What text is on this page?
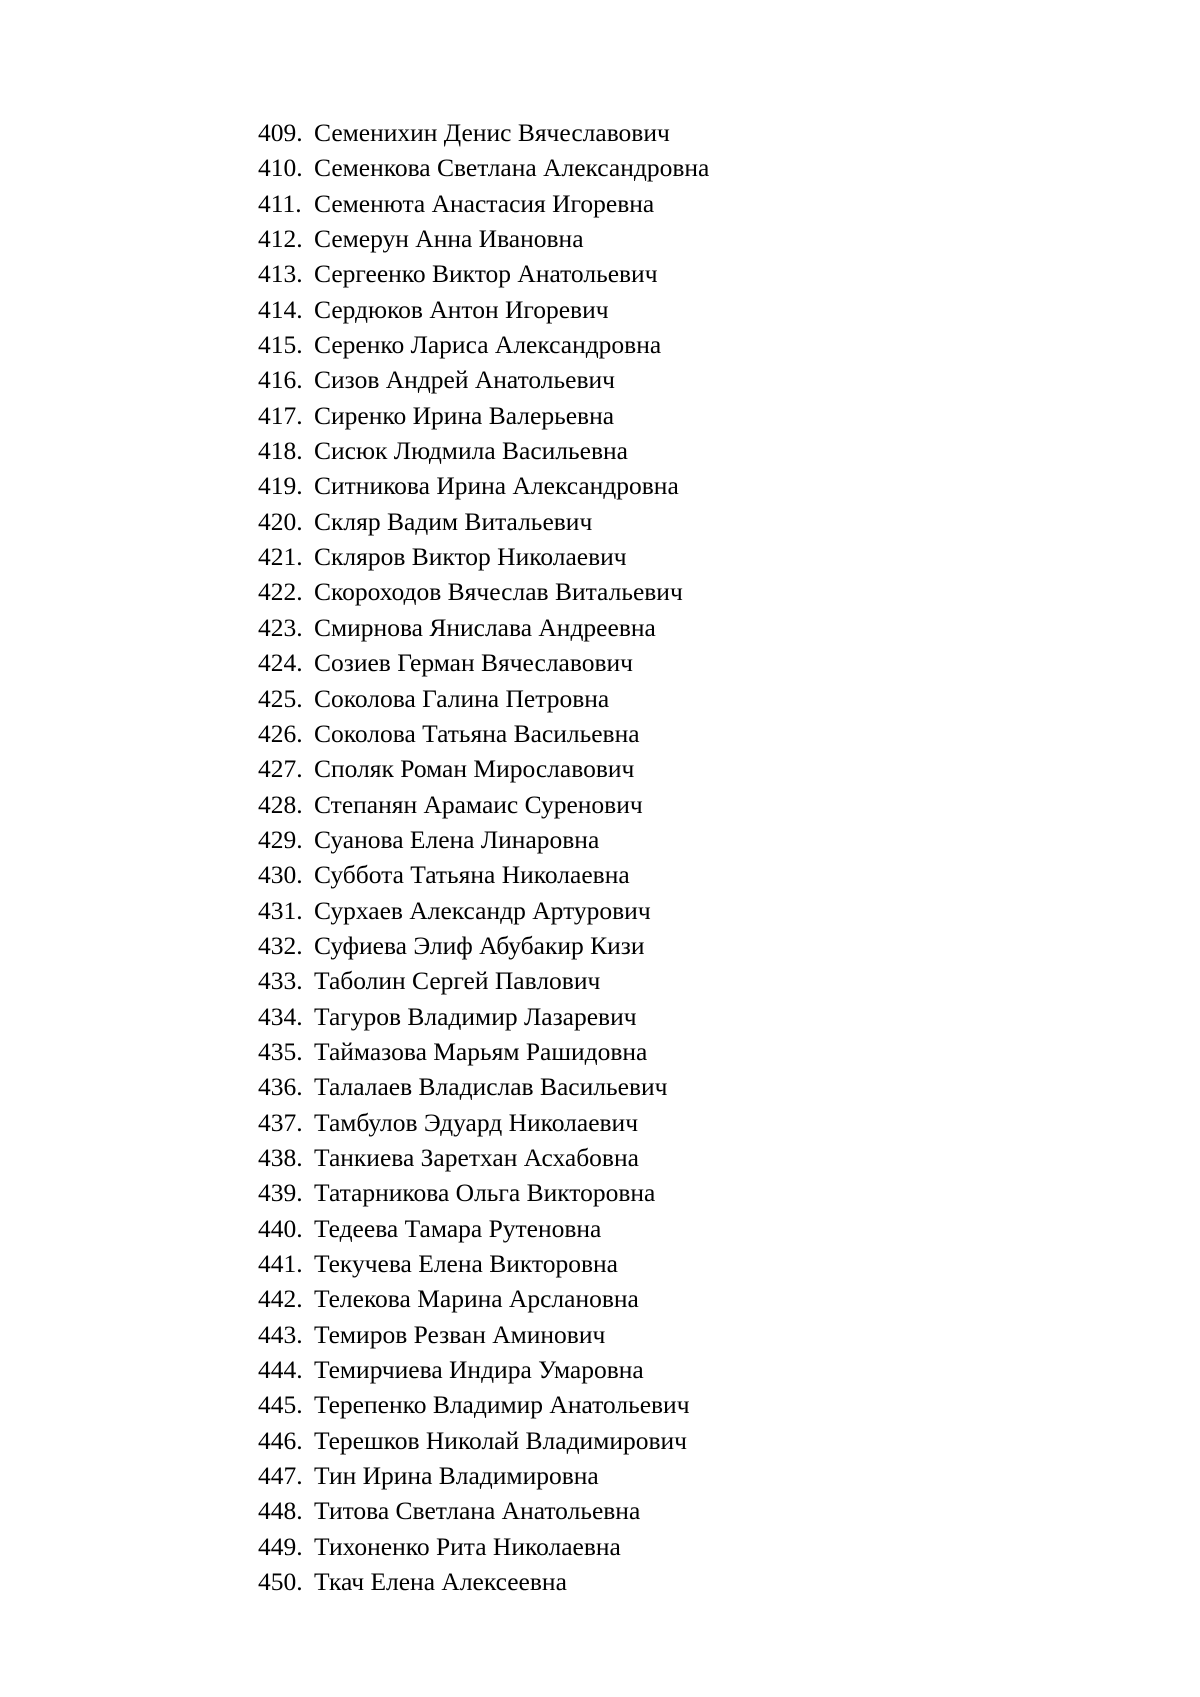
409. Семенихин Денис Вячеславович
410. Семенкова Светлана Александровна
411. Семенюта Анастасия Игоревна
412. Семерун Анна Ивановна
413. Сергеенко Виктор Анатольевич
414. Сердюков Антон Игоревич
415. Серенко Лариса Александровна
416. Сизов Андрей Анатольевич
417. Сиренко Ирина Валерьевна
418. Сисюк Людмила Васильевна
419. Ситникова Ирина Александровна
420. Скляр Вадим Витальевич
421. Скляров Виктор Николаевич
422. Скороходов Вячеслав Витальевич
423. Смирнова Янислава Андреевна
424. Созиев Герман Вячеславович
425. Соколова Галина Петровна
426. Соколова Татьяна Васильевна
427. Споляк Роман Мирославович
428. Степанян Арамаис Суренович
429. Суанова Елена Линаровна
430. Суббота Татьяна Николаевна
431. Сурхаев Александр Артурович
432. Суфиева Элиф Абубакир Кизи
433. Таболин Сергей Павлович
434. Тагуров Владимир Лазаревич
435. Таймазова Марьям Рашидовна
436. Талалаев Владислав Васильевич
437. Тамбулов Эдуард Николаевич
438. Танкиева Заретхан Асхабовна
439. Татарникова Ольга Викторовна
440. Тедеева Тамара Рутеновна
441. Текучева Елена Викторовна
442. Телекова Марина Арслановна
443. Темиров Резван Аминович
444. Темирчиева Индира Умаровна
445. Терепенко Владимир Анатольевич
446. Терешков Николай Владимирович
447. Тин Ирина Владимировна
448. Титова Светлана Анатольевна
449. Тихоненко Рита Николаевна
450. Ткач Елена Алексеевна
